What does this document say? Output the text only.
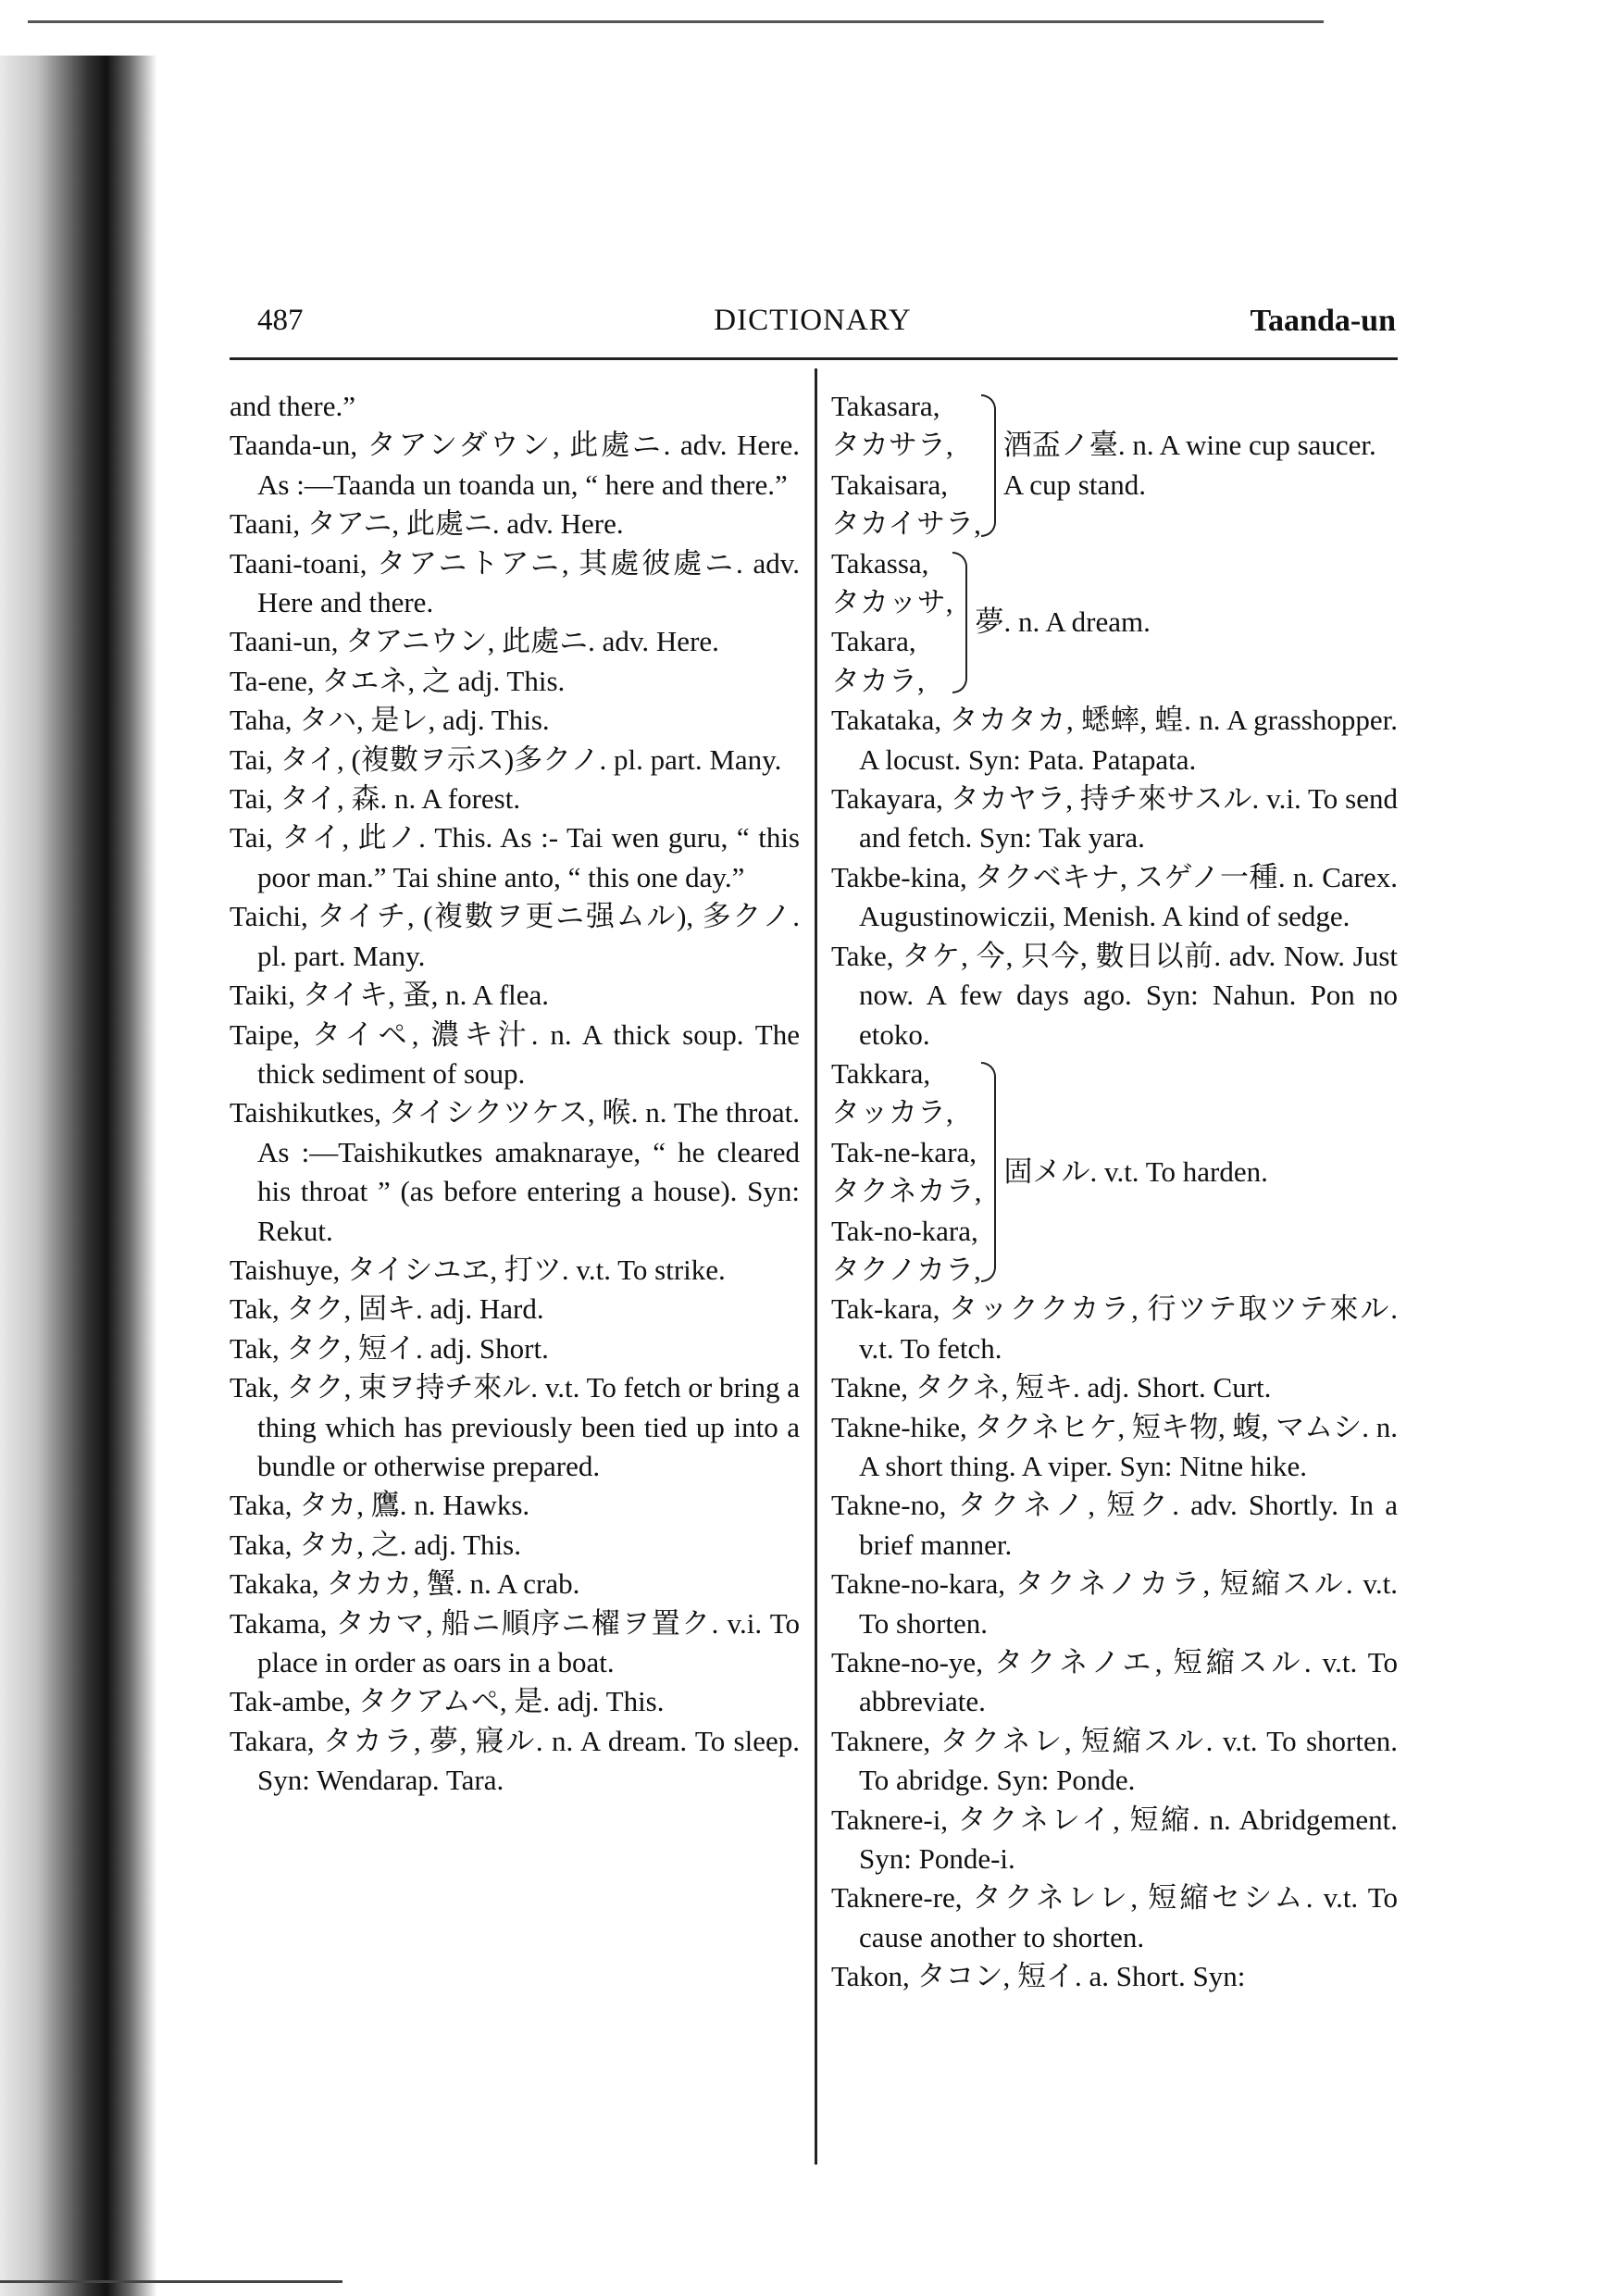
487	DICTIONARY	Taanda-un
and there.”
Taanda-un, タアンダウン, 此處ニ. adv. Here. As :—Taanda un toanda un, “ here and there.”
Taani, タアニ, 此處ニ. adv. Here.
Taani-toani, タアニトアニ, 其處彼處ニ. adv. Here and there.
Taani-un, タアニウン, 此處ニ. adv. Here.
Ta-ene, タエネ, 之 adj. This.
Taha, タハ, 是レ, adj. This.
Tai, タイ, (複數ヲ示ス)多クノ. pl. part. Many.
Tai, タイ, 森. n. A forest.
Tai, タイ, 此ノ. This. As :- Tai wen guru, “ this poor man.” Tai shine anto, “ this one day.”
Taichi, タイチ, (複數ヲ更ニ强ムル), 多クノ. pl. part. Many.
Taiki, タイキ, 蚤, n. A flea.
Taipe, タイペ, 濃キ汁. n. A thick soup. The thick sediment of soup.
Taishikutkes, タイシクツケス, 喉. n. The throat. As :—Taishikutkes amaknaraye, “ he cleared his throat ” (as before entering a house). Syn: Rekut.
Taishuye, タイシユヱ, 打ツ. v.t. To strike.
Tak, タク, 固キ. adj. Hard.
Tak, タク, 短イ. adj. Short.
Tak, タク, 束ヲ持チ來ル. v.t. To fetch or bring a thing which has previously been tied up into a bundle or otherwise prepared.
Taka, タカ, 鷹. n. Hawks.
Taka, タカ, 之. adj. This.
Takaka, タカカ, 蟹. n. A crab.
Takama, タカマ, 船ニ順序ニ櫂ヲ置ク. v.i. To place in order as oars in a boat.
Tak-ambe, タクアムペ, 是. adj. This.
Takara, タカラ, 夢, 寢ル. n. A dream. To sleep. Syn: Wendarap. Tara.
Takasara,
タカサラ,
Takaisara,
タカイサラ,
酒盃ノ臺. n. A wine cup saucer. A cup stand.
Takassa,
タカッサ,
Takara,
タカラ,
夢. n. A dream.
Takataka, タカタカ, 蟋蟀, 蝗. n. A grasshopper. A locust. Syn: Pata. Patapata.
Takayara, タカヤラ, 持チ來サスル. v.i. To send and fetch. Syn: Tak yara.
Takbe-kina, タクベキナ, スゲノ一種. n. Carex. Augustinowiczii, Menish. A kind of sedge.
Take, タケ, 今, 只今, 數日以前. adv. Now. Just now. A few days ago. Syn: Nahun. Pon no etoko.
Takkara,
タッカラ,
Tak-ne-kara,
タクネカラ,
Tak-no-kara,
タクノカラ,
固メル. v.t. To harden.
Tak-kara, タッククカラ, 行ツテ取ツテ來ル. v.t. To fetch.
Takne, タクネ, 短キ. adj. Short. Curt.
Takne-hike, タクネヒケ, 短キ物, 蝮, マムシ. n. A short thing. A viper. Syn: Nitne hike.
Takne-no, タクネノ, 短ク. adv. Shortly. In a brief manner.
Takne-no-kara, タクネノカラ, 短縮スル. v.t. To shorten.
Takne-no-ye, タクネノエ, 短縮スル. v.t. To abbreviate.
Taknere, タクネレ, 短縮スル. v.t. To shorten. To abridge. Syn: Ponde.
Taknere-i, タクネレイ, 短縮. n. Abridgement. Syn: Ponde-i.
Taknere-re, タクネレレ, 短縮セシム. v.t. To cause another to shorten.
Takon, タコン, 短イ. a. Short. Syn:
